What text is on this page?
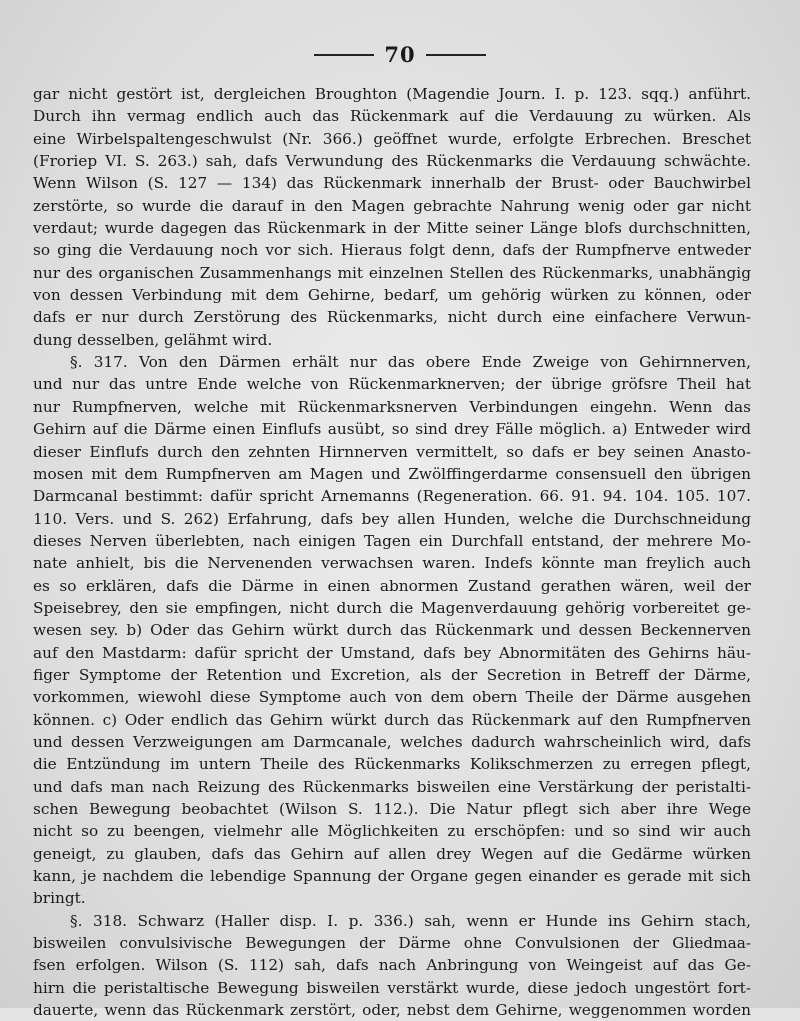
70
gar nicht gestört ist, dergleichen Broughton (Magendie Journ. I. p. 123. sqq.) anführt.
Durch ihn vermag endlich auch das Rückenmark auf die Verdauung zu würken. Als
eine Wirbelspaltengeschwulst (Nr. 366.) geöffnet wurde, erfolgte Erbrechen. Breschet
(Froriep VI. S. 263.) sah, dafs Verwundung des Rückenmarks die Verdauung schwächte.
Wenn Wilson (S. 127 — 134) das Rückenmark innerhalb der Brust- oder Bauchwirbel
zerstörte, so wurde die darauf in den Magen gebrachte Nahrung wenig oder gar nicht
verdaut; wurde dagegen das Rückenmark in der Mitte seiner Länge blofs durchschnitten,
so ging die Verdauung noch vor sich. Hieraus folgt denn, dafs der Rumpfnerve entweder
nur des organischen Zusammenhangs mit einzelnen Stellen des Rückenmarks, unabhängig
von dessen Verbindung mit dem Gehirne, bedarf, um gehörig würken zu können, oder
dafs er nur durch Zerstörung des Rückenmarks, nicht durch eine einfachere Verwun-
dung desselben, gelähmt wird.
§. 317. Von den Därmen erhält nur das obere Ende Zweige von Gehirnnerven,
und nur das untre Ende welche von Rückenmarknerven; der übrige gröfsre Theil hat
nur Rumpfnerven, welche mit Rückenmarksnerven Verbindungen eingehn. Wenn das
Gehirn auf die Därme einen Einflufs ausübt, so sind drey Fälle möglich. a) Entweder wird
dieser Einflufs durch den zehnten Hirnnerven vermittelt, so dafs er bey seinen Anasto-
mosen mit dem Rumpfnerven am Magen und Zwölffingerdarme consensuell den übrigen
Darmcanal bestimmt: dafür spricht Arnemanns (Regeneration. 66. 91. 94. 104. 105. 107.
110. Vers. und S. 262) Erfahrung, dafs bey allen Hunden, welche die Durchschneidung
dieses Nerven überlebten, nach einigen Tagen ein Durchfall entstand, der mehrere Mo-
nate anhielt, bis die Nervenenden verwachsen waren. Indefs könnte man freylich auch
es so erklären, dafs die Därme in einen abnormen Zustand gerathen wären, weil der
Speisebrey, den sie empfingen, nicht durch die Magenverdauung gehörig vorbereitet ge-
wesen sey. b) Oder das Gehirn würkt durch das Rückenmark und dessen Beckennerven
auf den Mastdarm: dafür spricht der Umstand, dafs bey Abnormitäten des Gehirns häu-
figer Symptome der Retention und Excretion, als der Secretion in Betreff der Därme,
vorkommen, wiewohl diese Symptome auch von dem obern Theile der Därme ausgehen
können. c) Oder endlich das Gehirn würkt durch das Rückenmark auf den Rumpfnerven
und dessen Verzweigungen am Darmcanale, welches dadurch wahrscheinlich wird, dafs
die Entzündung im untern Theile des Rückenmarks Kolikschmerzen zu erregen pflegt,
und dafs man nach Reizung des Rückenmarks bisweilen eine Verstärkung der peristalti-
schen Bewegung beobachtet (Wilson S. 112.). Die Natur pflegt sich aber ihre Wege
nicht so zu beengen, vielmehr alle Möglichkeiten zu erschöpfen: und so sind wir auch
geneigt, zu glauben, dafs das Gehirn auf allen drey Wegen auf die Gedärme würken
kann, je nachdem die lebendige Spannung der Organe gegen einander es gerade mit sich
bringt.
§. 318. Schwarz (Haller disp. I. p. 336.) sah, wenn er Hunde ins Gehirn stach,
bisweilen convulsivische Bewegungen der Därme ohne Convulsionen der Gliedmaa-
fsen erfolgen. Wilson (S. 112) sah, dafs nach Anbringung von Weingeist auf das Ge-
hirn die peristaltische Bewegung bisweilen verstärkt wurde, diese jedoch ungestört fort-
dauerte, wenn das Rückenmark zerstört, oder, nebst dem Gehirne, weggenommen worden
